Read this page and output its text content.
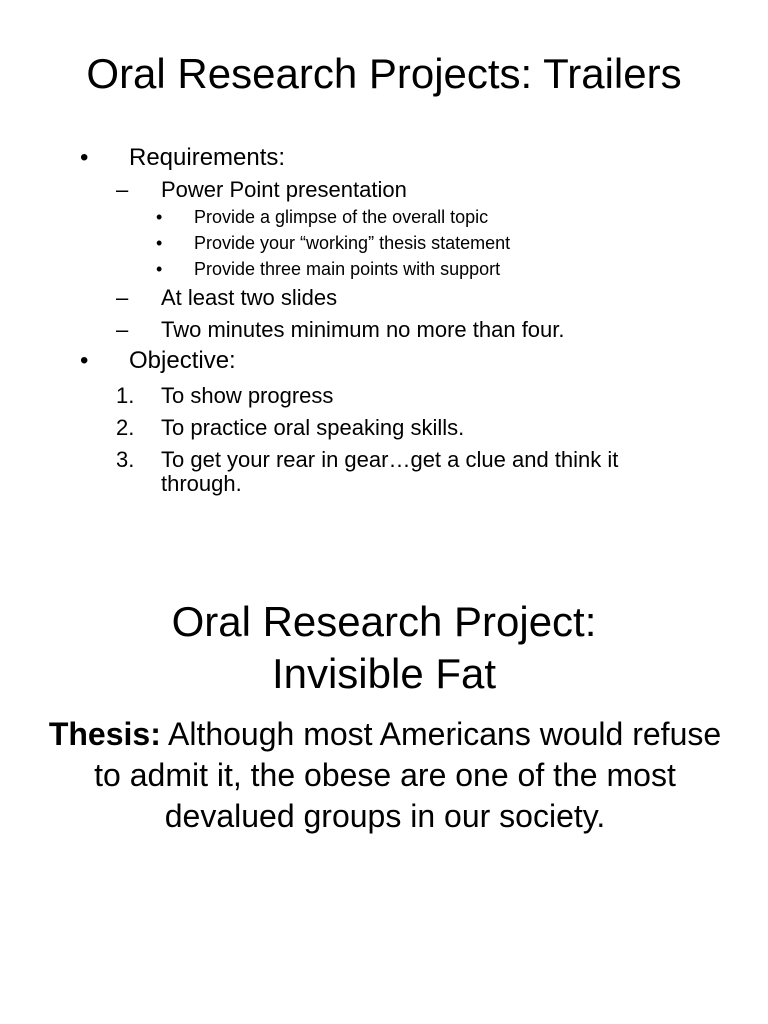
Oral Research Projects: Trailers
• Requirements:
– Power Point presentation
• Provide a glimpse of the overall topic
• Provide your “working” thesis statement
• Provide three main points with support
– At least two slides
– Two minutes minimum no more than four.
• Objective:
1. To show progress
2. To practice oral speaking skills.
3. To get your rear in gear…get a clue and think it
through.
Oral Research Project:
Invisible Fat
Thesis: Although most Americans would refuse to admit it, the obese are one of the most devalued groups in our society.
